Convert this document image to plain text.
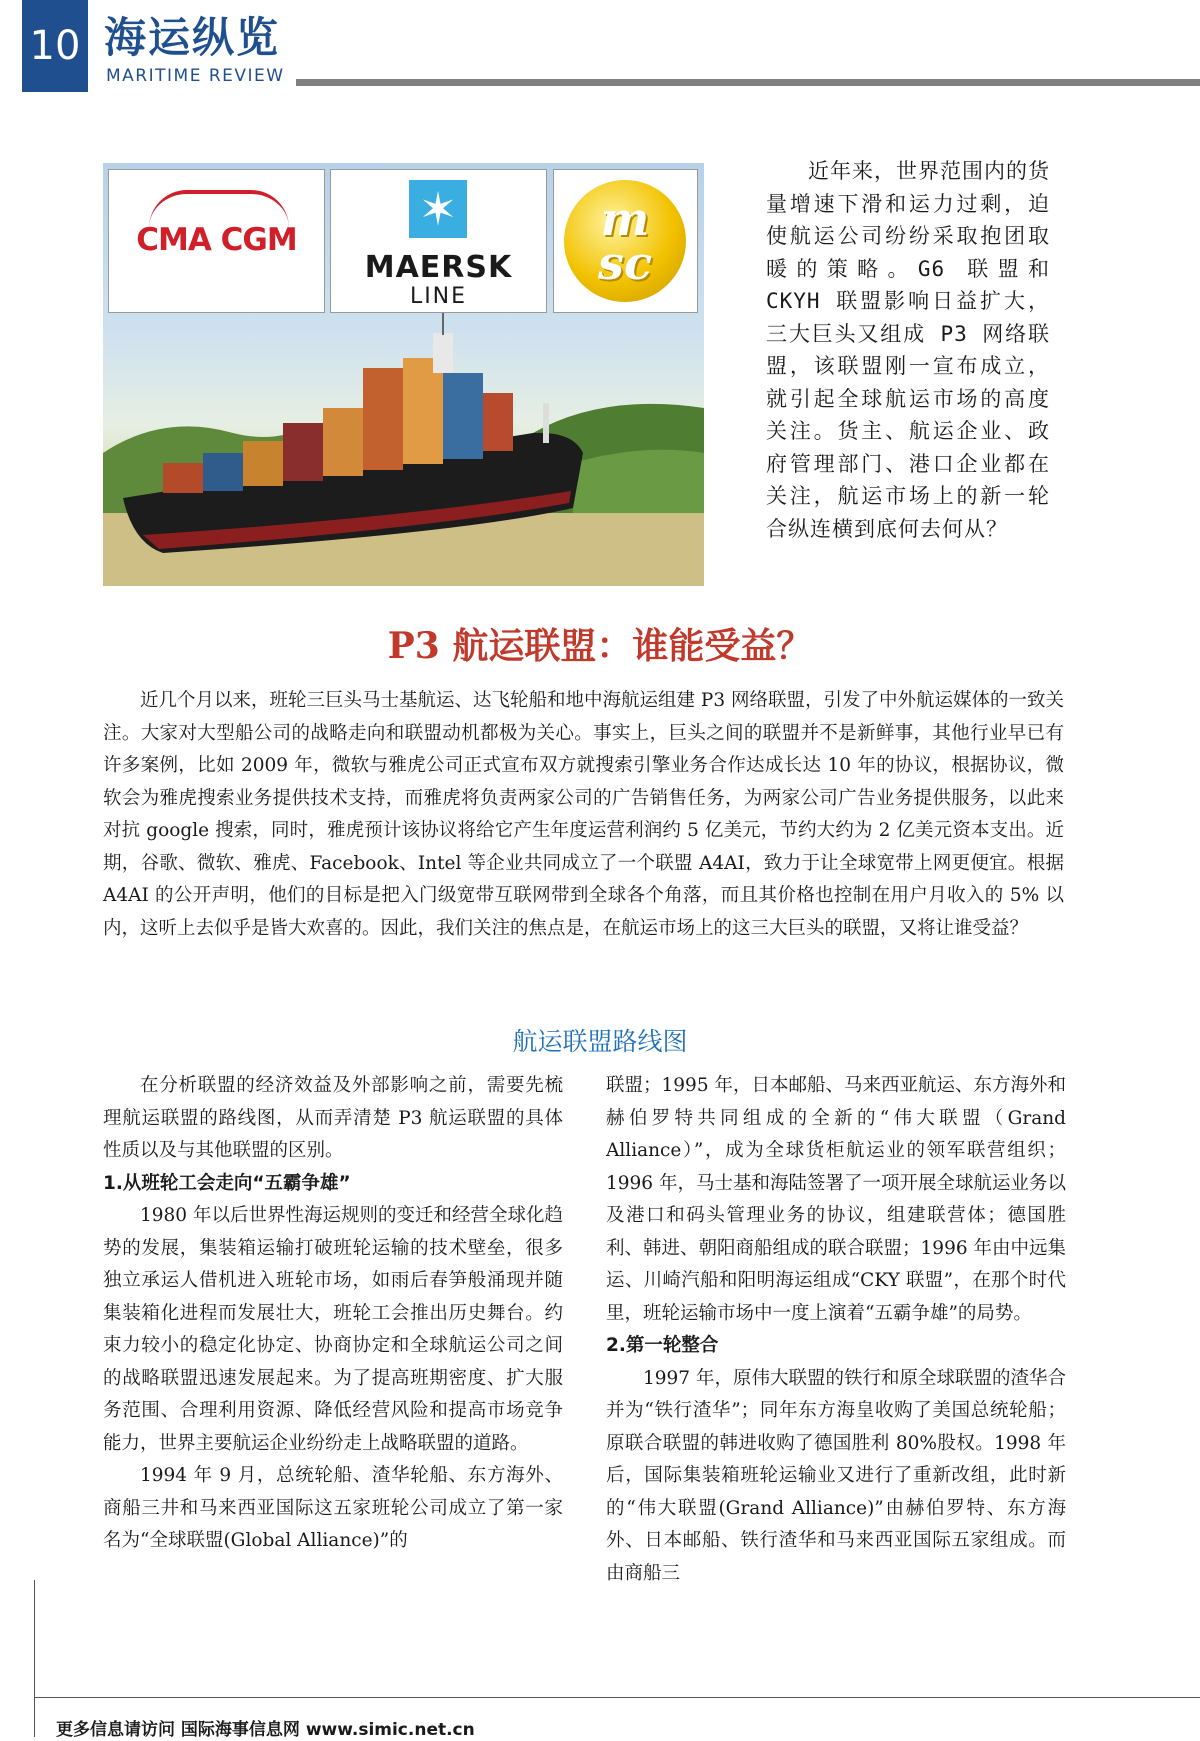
10 海运纵览
MARITIME REVIEW
CMA CGM
✶
MAERSK
LINE
m
sc
近年来，世界范围内的货量增速下滑和运力过剩，迫使航运公司纷纷采取抱团取暖的策略。G6 联盟和 CKYH 联盟影响日益扩大，三大巨头又组成 P3 网络联盟，该联盟刚一宣布成立，就引起全球航运市场的高度关注。货主、航运企业、政府管理部门、港口企业都在关注，航运市场上的新一轮合纵连横到底何去何从？
P3 航运联盟：谁能受益？
近几个月以来，班轮三巨头马士基航运、达飞轮船和地中海航运组建 P3 网络联盟，引发了中外航运媒体的一致关注。大家对大型船公司的战略走向和联盟动机都极为关心。事实上，巨头之间的联盟并不是新鲜事，其他行业早已有许多案例，比如 2009 年，微软与雅虎公司正式宣布双方就搜索引擎业务合作达成长达 10 年的协议，根据协议，微软会为雅虎搜索业务提供技术支持，而雅虎将负责两家公司的广告销售任务，为两家公司广告业务提供服务，以此来对抗 google 搜索，同时，雅虎预计该协议将给它产生年度运营利润约 5 亿美元，节约大约为 2 亿美元资本支出。近期，谷歌、微软、雅虎、Facebook、Intel 等企业共同成立了一个联盟 A4AI，致力于让全球宽带上网更便宜。根据 A4AI 的公开声明，他们的目标是把入门级宽带互联网带到全球各个角落，而且其价格也控制在用户月收入的 5% 以内，这听上去似乎是皆大欢喜的。因此，我们关注的焦点是，在航运市场上的这三大巨头的联盟，又将让谁受益？
航运联盟路线图

在分析联盟的经济效益及外部影响之前，需要先梳理航运联盟的路线图，从而弄清楚 P3 航运联盟的具体性质以及与其他联盟的区别。

1.从班轮工会走向“五霸争雄”

1980 年以后世界性海运规则的变迁和经营全球化趋势的发展，集装箱运输打破班轮运输的技术壁垒，很多独立承运人借机进入班轮市场，如雨后春笋般涌现并随集装箱化进程而发展壮大，班轮工会推出历史舞台。约束力较小的稳定化协定、协商协定和全球航运公司之间的战略联盟迅速发展起来。为了提高班期密度、扩大服务范围、合理利用资源、降低经营风险和提高市场竞争能力，世界主要航运企业纷纷走上战略联盟的道路。

1994 年 9 月，总统轮船、渣华轮船、东方海外、商船三井和马来西亚国际这五家班轮公司成立了第一家名为“全球联盟(Global Alliance)”的

联盟；1995 年，日本邮船、马来西亚航运、东方海外和赫伯罗特共同组成的全新的“伟大联盟（Grand Alliance）”，成为全球货柜航运业的领军联营组织；1996 年，马士基和海陆签署了一项开展全球航运业务以及港口和码头管理业务的协议，组建联营体；德国胜利、韩进、朝阳商船组成的联合联盟；1996 年由中远集运、川崎汽船和阳明海运组成“CKY 联盟”，在那个时代里，班轮运输市场中一度上演着“五霸争雄”的局势。

2.第一轮整合

1997 年，原伟大联盟的铁行和原全球联盟的渣华合并为“铁行渣华”；同年东方海皇收购了美国总统轮船；原联合联盟的韩进收购了德国胜利 80%股权。1998 年后，国际集装箱班轮运输业又进行了重新改组，此时新的“伟大联盟(Grand Alliance)”由赫伯罗特、东方海外、日本邮船、铁行渣华和马来西亚国际五家组成。而由商船三

更多信息请访问 国际海事信息网 www.simic.net.cn
